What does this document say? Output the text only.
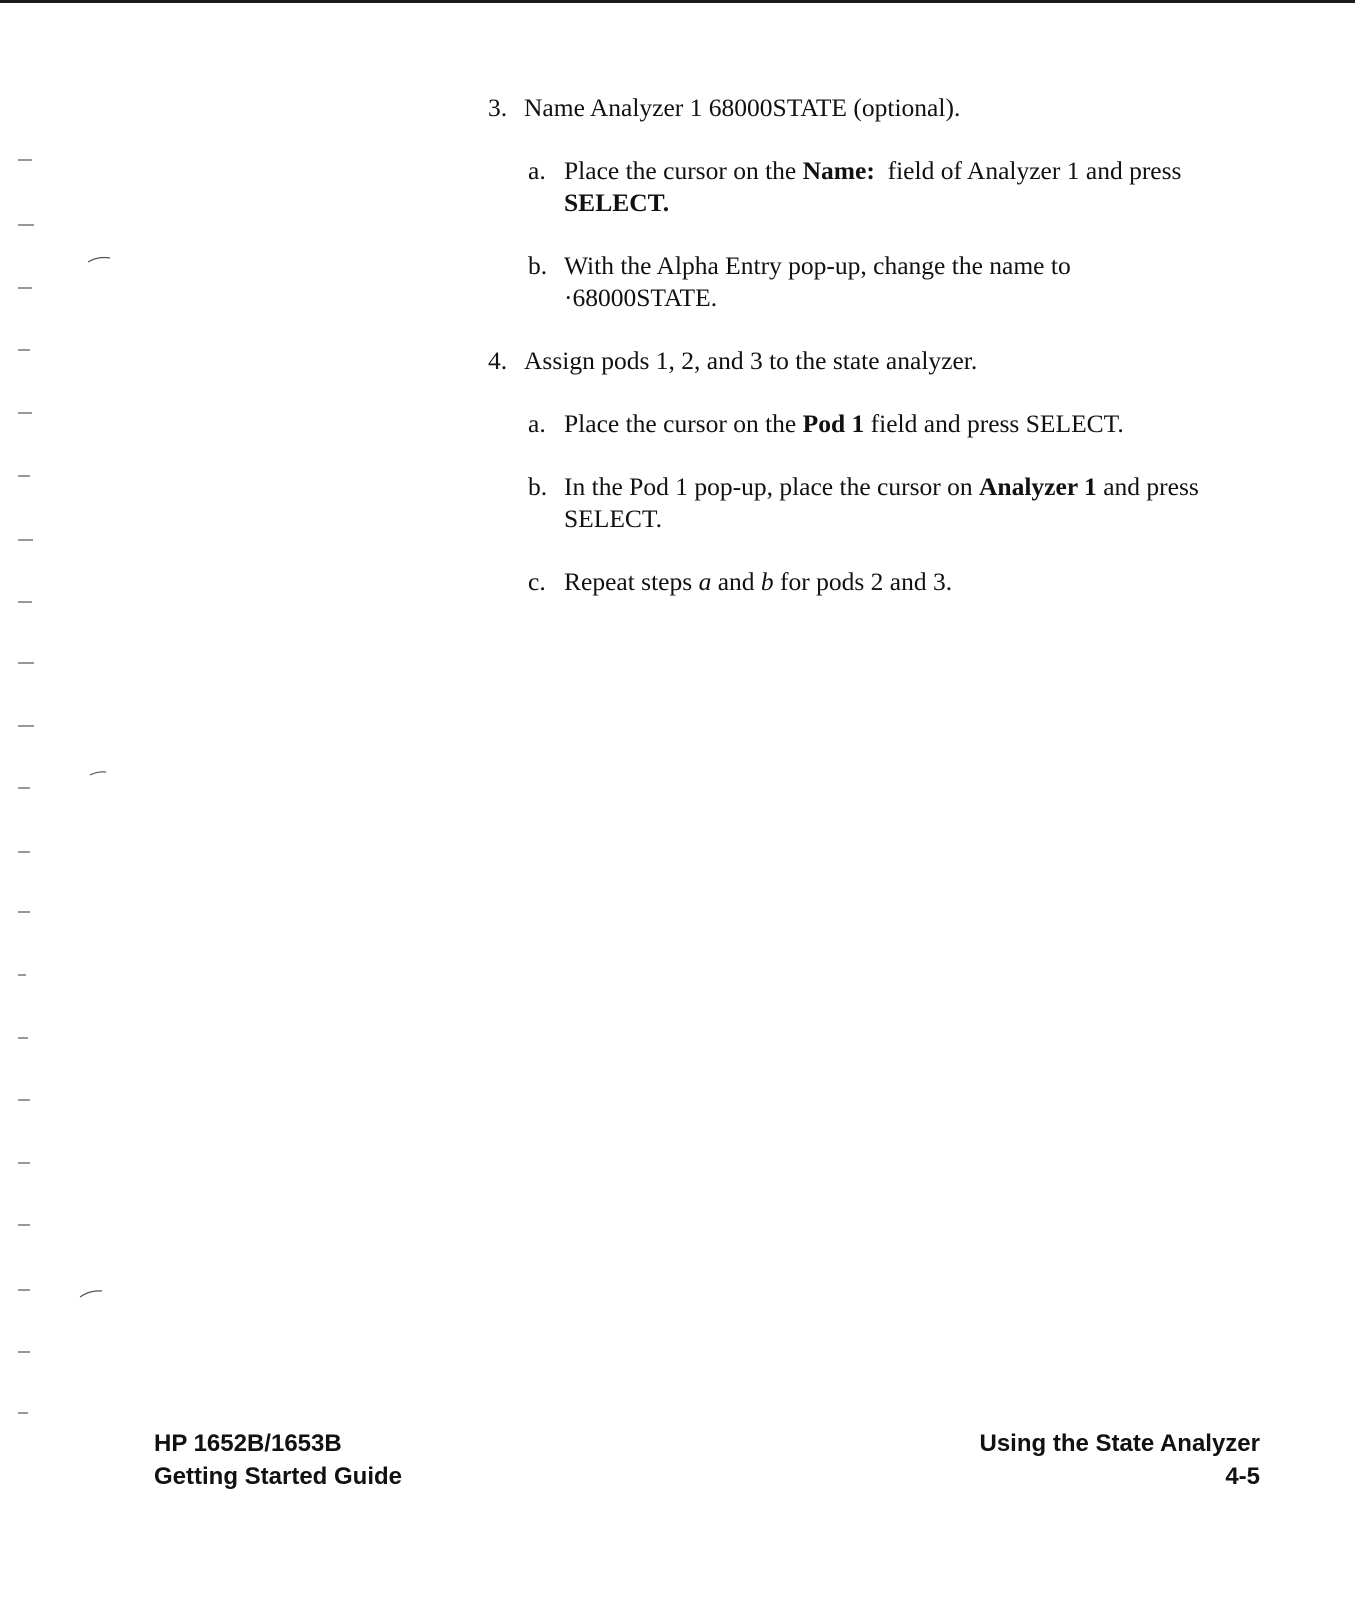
3. Name Analyzer 1 68000STATE (optional).
a. Place the cursor on the Name:  field of Analyzer 1 and press
SELECT.
b. With the Alpha Entry pop-up, change the name to
·68000STATE.
4. Assign pods 1, 2, and 3 to the state analyzer.
a. Place the cursor on the Pod 1 field and press SELECT.
b. In the Pod 1 pop-up, place the cursor on Analyzer 1 and press SELECT.
c. Repeat steps a and b for pods 2 and 3.
HP 1652B/1653B
Getting Started Guide
Using the State Analyzer
4-5
